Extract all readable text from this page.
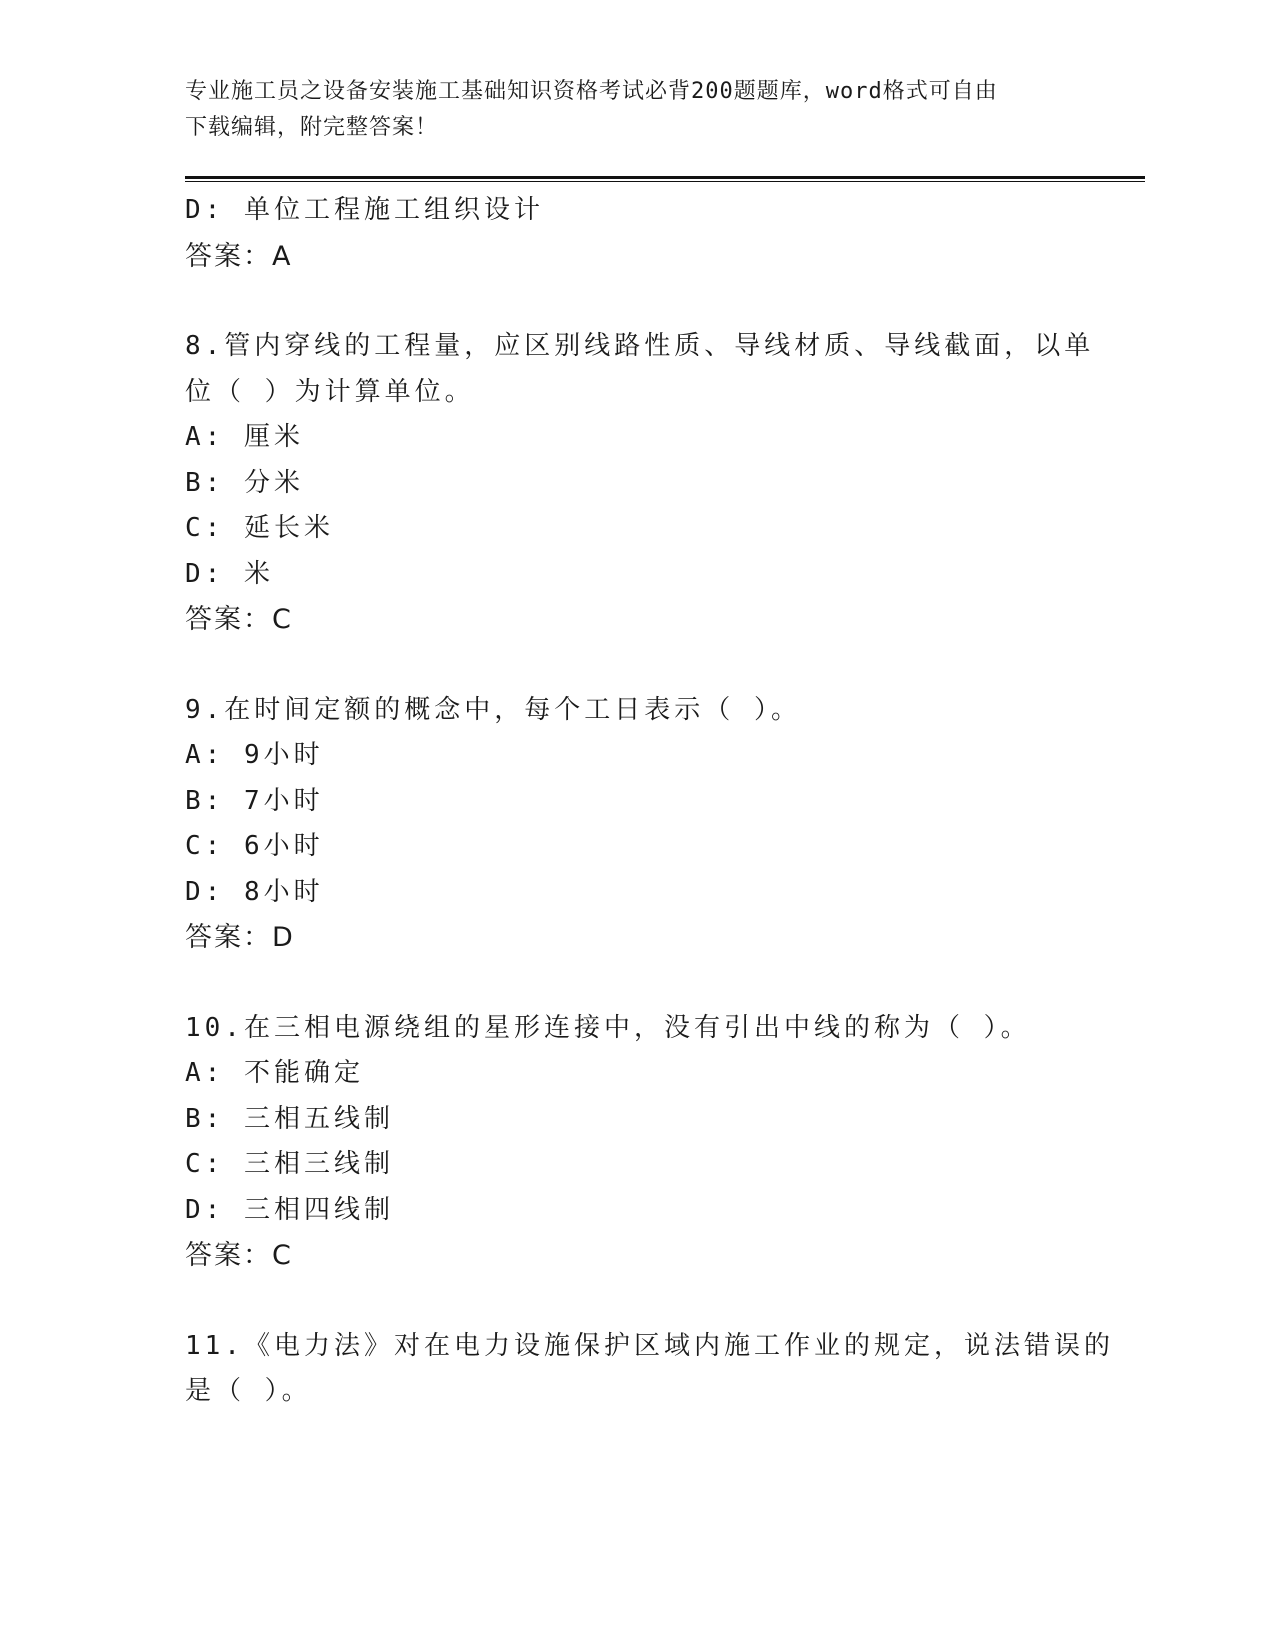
专业施工员之设备安装施工基础知识资格考试必背200题题库，word格式可自由
下载编辑，附完整答案！
D: 单位工程施工组织设计
答案：A
8.管内穿线的工程量，应区别线路性质、导线材质、导线截面，以单
位（ ）为计算单位。
A: 厘米
B: 分米
C: 延长米
D: 米
答案：C
9.在时间定额的概念中，每个工日表示（ ）。
A: 9小时
B: 7小时
C: 6小时
D: 8小时
答案：D
10.在三相电源绕组的星形连接中，没有引出中线的称为（ ）。
A: 不能确定
B: 三相五线制
C: 三相三线制
D: 三相四线制
答案：C
11.《电力法》对在电力设施保护区域内施工作业的规定，说法错误的
是（ ）。
